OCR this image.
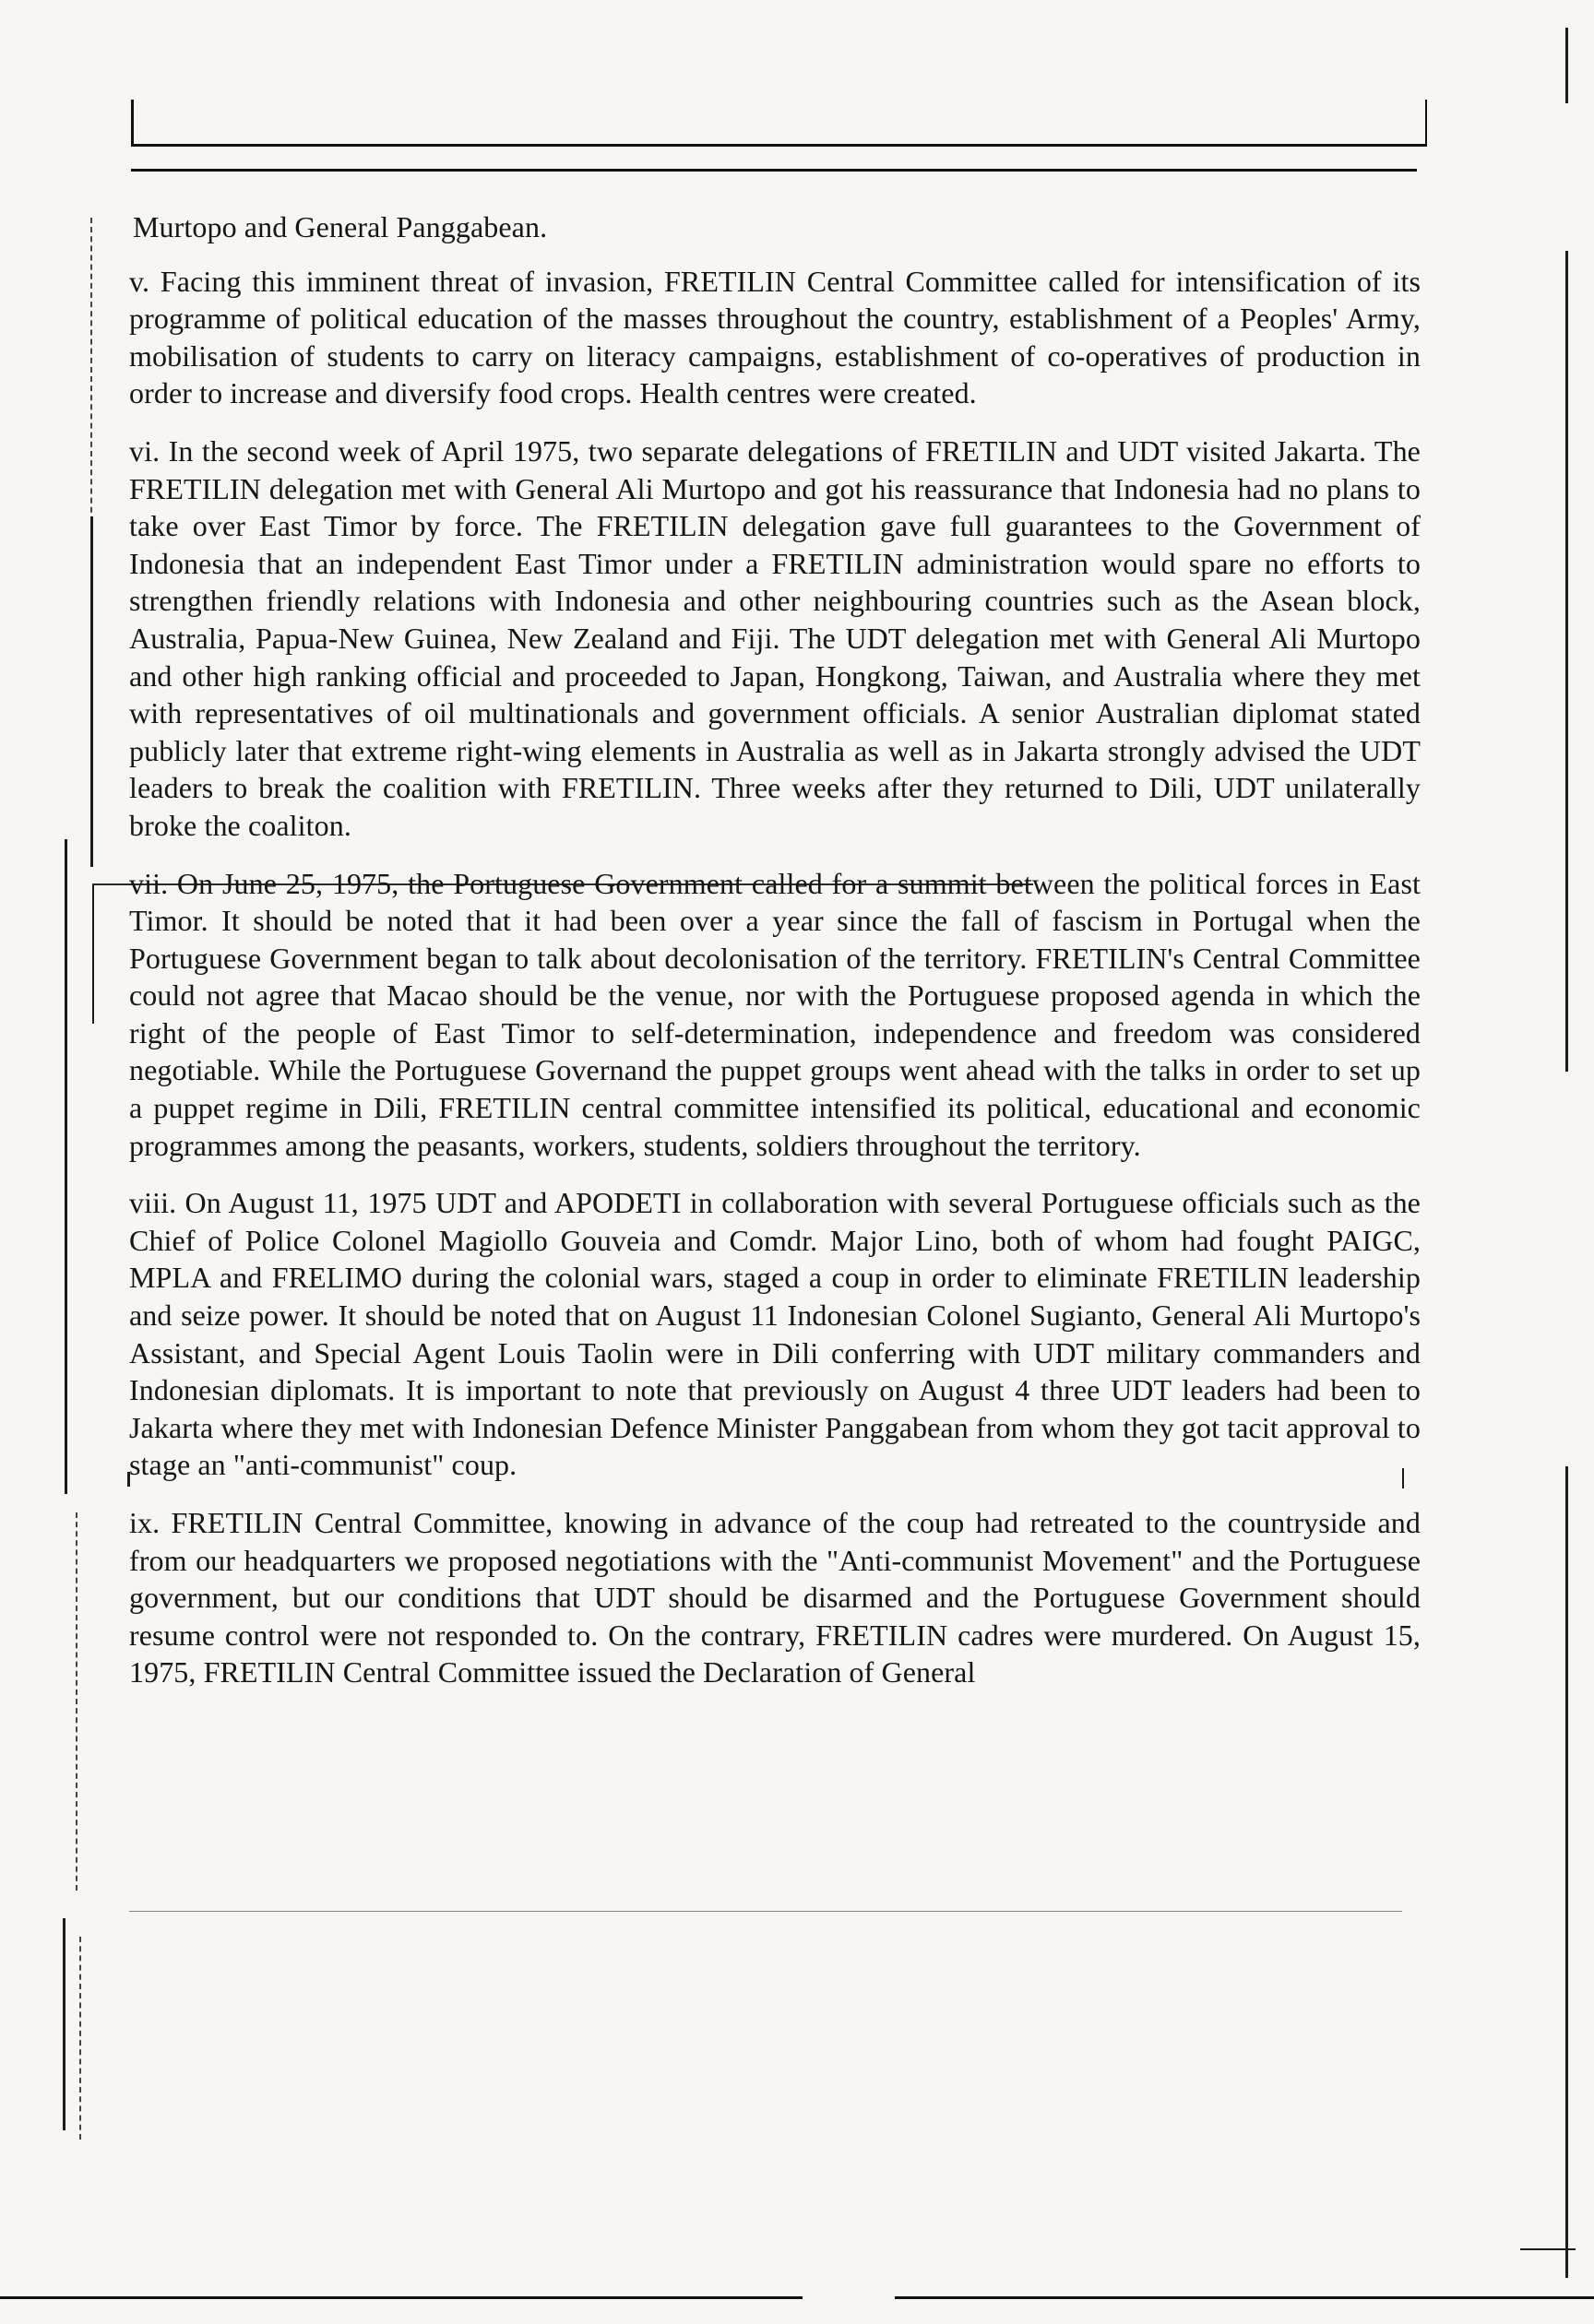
Murtopo and General Panggabean.

v. Facing this imminent threat of invasion, FRETILIN Central Committee called for intensification of its programme of political education of the masses throughout the country, establishment of a Peoples' Army, mobilisation of students to carry on literacy campaigns, establishment of co-operatives of production in order to increase and diversify food crops. Health centres were created.

vi. In the second week of April 1975, two separate delegations of FRETILIN and UDT visited Jakarta. The FRETILIN delegation met with General Ali Murtopo and got his reassurance that Indonesia had no plans to take over East Timor by force. The FRETILIN delegation gave full guarantees to the Government of Indonesia that an independent East Timor under a FRETILIN administration would spare no efforts to strengthen friendly relations with Indonesia and other neighbouring countries such as the Asean block, Australia, Papua-New Guinea, New Zealand and Fiji. The UDT delegation met with General Ali Murtopo and other high ranking official and proceeded to Japan, Hongkong, Taiwan, and Australia where they met with representatives of oil multinationals and government officials. A senior Australian diplomat stated publicly later that extreme right-wing elements in Australia as well as in Jakarta strongly advised the UDT leaders to break the coalition with FRETILIN. Three weeks after they returned to Dili, UDT unilaterally broke the coaliton.

vii. On June 25, 1975, the Portuguese Government called for a summit between the political forces in East Timor. It should be noted that it had been over a year since the fall of fascism in Portugal when the Portuguese Government began to talk about decolonisation of the territory. FRETILIN's Central Committee could not agree that Macao should be the venue, nor with the Portuguese proposed agenda in which the right of the people of East Timor to self-determination, independence and freedom was considered negotiable. While the Portuguese Governand the puppet groups went ahead with the talks in order to set up a puppet regime in Dili, FRETILIN central committee intensified its political, educational and economic programmes among the peasants, workers, students, soldiers throughout the territory.

viii. On August 11, 1975 UDT and APODETI in collaboration with several Portuguese officials such as the Chief of Police Colonel Magiollo Gouveia and Comdr. Major Lino, both of whom had fought PAIGC, MPLA and FRELIMO during the colonial wars, staged a coup in order to eliminate FRETILIN leadership and seize power. It should be noted that on August 11 Indonesian Colonel Sugianto, General Ali Murtopo's Assistant, and Special Agent Louis Taolin were in Dili conferring with UDT military commanders and Indonesian diplomats. It is important to note that previously on August 4 three UDT leaders had been to Jakarta where they met with Indonesian Defence Minister Panggabean from whom they got tacit approval to stage an "anti-communist" coup.

ix. FRETILIN Central Committee, knowing in advance of the coup had retreated to the countryside and from our headquarters we proposed negotiations with the "Anti-communist Movement" and the Portuguese government, but our conditions that UDT should be disarmed and the Portuguese Government should resume control were not responded to. On the contrary, FRETILIN cadres were murdered. On August 15, 1975, FRETILIN Central Committee issued the Declaration of General
